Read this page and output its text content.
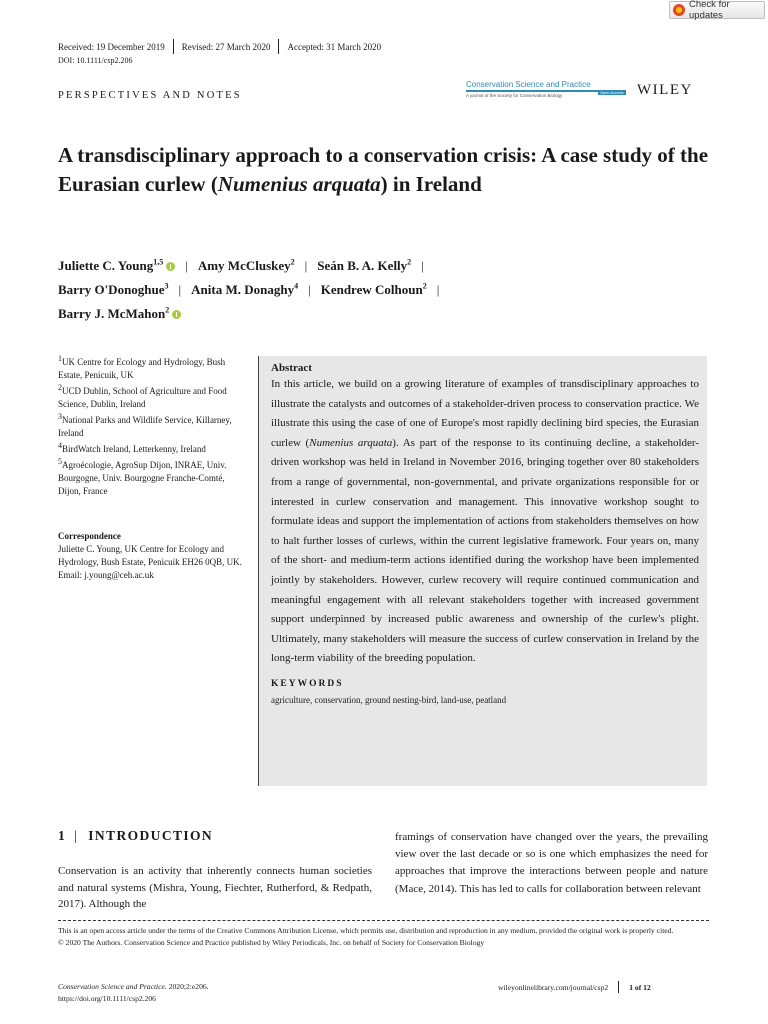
Check for updates
Received: 19 December 2019	Revised: 27 March 2020	Accepted: 31 March 2020
DOI: 10.1111/csp2.206
PERSPECTIVES AND NOTES
Conservation Science and Practice
Open Access
A journal of the Society for Conservation Biology	WILEY
A transdisciplinary approach to a conservation crisis: A case study of the Eurasian curlew (Numenius arquata) in Ireland
Juliette C. Young$^{1,5}$	| Amy McCluskey$^2$ | Seán B. A. Kelly$^2$ |
Barry O'Donoghue$^3$ | Anita M. Donaghy$^4$ | Kendrew Colhoun$^2$ |
Barry J. McMahon$^2$
$^1$UK Centre for Ecology and Hydrology, Bush Estate, Penicuik, UK
$^2$UCD Dublin, School of Agriculture and Food Science, Dublin, Ireland
$^3$National Parks and Wildlife Service, Killarney, Ireland
$^4$BirdWatch Ireland, Letterkenny, Ireland
$^5$Agroécologie, AgroSup Dijon, INRAE, Univ. Bourgogne, Univ. Bourgogne Franche-Comté, Dijon, France
Correspondence
Juliette C. Young, UK Centre for Ecology and Hydrology, Bush Estate, Penicuik EH26 0QB, UK.
Email: j.young@ceh.ac.uk
Abstract
In this article, we build on a growing literature of examples of transdisciplinary approaches to illustrate the catalysts and outcomes of a stakeholder-driven process to conservation practice. We illustrate this using the case of one of Europe's most rapidly declining bird species, the Eurasian curlew (Numenius arquata). As part of the response to its continuing decline, a stakeholder-driven workshop was held in Ireland in November 2016, bringing together over 80 stakeholders from a range of governmental, non-governmental, and private organizations responsible for or interested in curlew conservation and management. This innovative workshop sought to formulate ideas and support the implementation of actions from stakeholders themselves on how to halt further losses of curlews, within the current legislative framework. Four years on, many of the short- and medium-term actions identified during the workshop have been implemented jointly by stakeholders. However, curlew recovery will require continued communication and meaningful engagement with all relevant stakeholders together with increased government support underpinned by increased public awareness and ownership of the curlew's plight. Ultimately, many stakeholders will measure the success of curlew conservation in Ireland by the long-term viability of the breeding population.
KEYWORDS
agriculture, conservation, ground nesting-bird, land-use, peatland
1 | INTRODUCTION
Conservation is an activity that inherently connects human societies and natural systems (Mishra, Young, Fiechter, Rutherford, & Redpath, 2017). Although the
framings of conservation have changed over the years, the prevailing view over the last decade or so is one which emphasizes the need for approaches that improve the interactions between people and nature (Mace, 2014). This has led to calls for collaboration between relevant
This is an open access article under the terms of the Creative Commons Attribution License, which permits use, distribution and reproduction in any medium, provided the original work is properly cited.
© 2020 The Authors. Conservation Science and Practice published by Wiley Periodicals, Inc. on behalf of Society for Conservation Biology
Conservation Science and Practice. 2020;2:e206.
https://doi.org/10.1111/csp2.206
wileyonlinelibrary.com/journal/csp2	1 of 12
